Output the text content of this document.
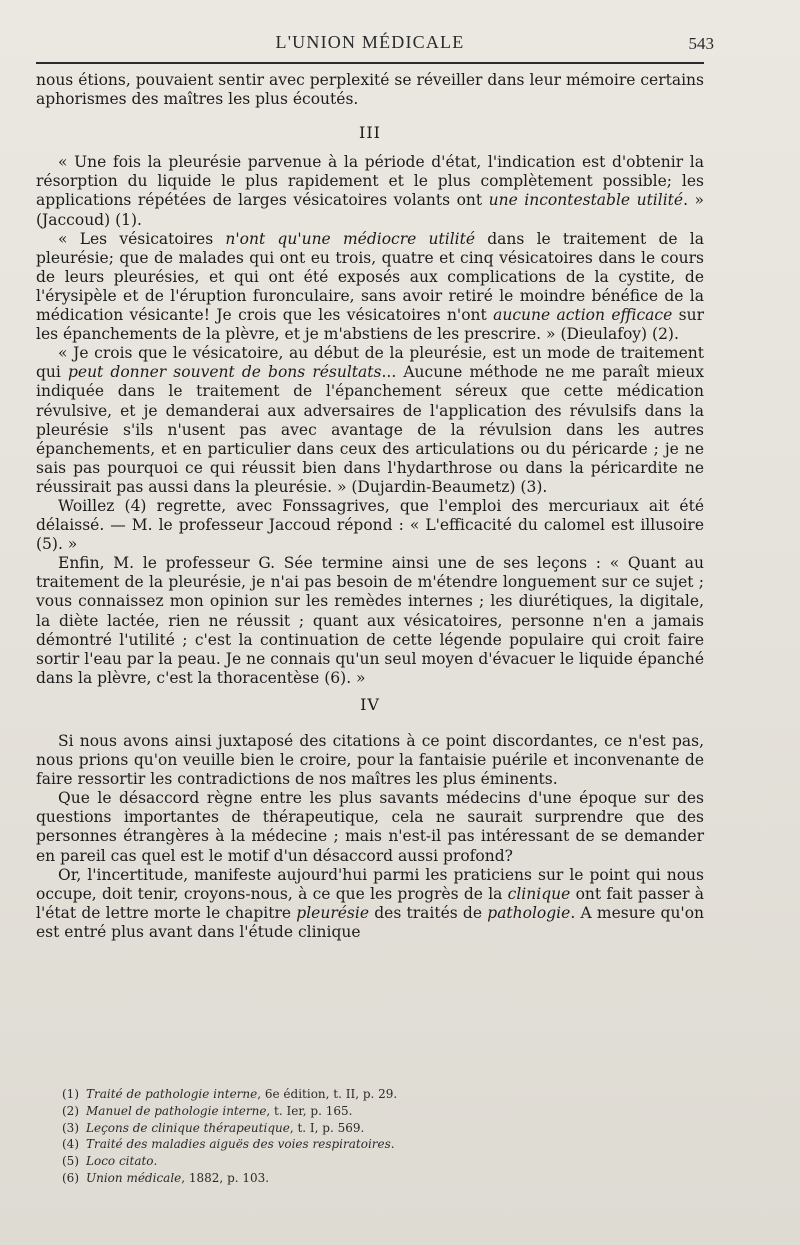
L'UNION MÉDICALE	543

nous étions, pouvaient sentir avec perplexité se réveiller dans leur mémoire certains aphorismes des maîtres les plus écoutés.

III

« Une fois la pleurésie parvenue à la période d'état, l'indication est d'obtenir la résorption du liquide le plus rapidement et le plus complètement possible; les applications répétées de larges vésicatoires volants ont une incontestable utilité. » (Jaccoud) (1).

« Les vésicatoires n'ont qu'une médiocre utilité dans le traitement de la pleurésie; que de malades qui ont eu trois, quatre et cinq vésicatoires dans le cours de leurs pleurésies, et qui ont été exposés aux complications de la cystite, de l'érysipèle et de l'éruption furonculaire, sans avoir retiré le moindre bénéfice de la médication vésicante! Je crois que les vésicatoires n'ont aucune action efficace sur les épanchements de la plèvre, et je m'abstiens de les prescrire. » (Dieulafoy) (2).

« Je crois que le vésicatoire, au début de la pleurésie, est un mode de traitement qui peut donner souvent de bons résultats... Aucune méthode ne me paraît mieux indiquée dans le traitement de l'épanchement séreux que cette médication révulsive, et je demanderai aux adversaires de l'application des révulsifs dans la pleurésie s'ils n'usent pas avec avantage de la révulsion dans les autres épanchements, et en particulier dans ceux des articulations ou du péricarde ; je ne sais pas pourquoi ce qui réussit bien dans l'hydarthrose ou dans la péricardite ne réussirait pas aussi dans la pleurésie. » (Dujardin-Beaumetz) (3).

Woillez (4) regrette, avec Fonssagrives, que l'emploi des mercuriaux ait été délaissé. — M. le professeur Jaccoud répond : « L'efficacité du calomel est illusoire (5). »

Enfin, M. le professeur G. Sée termine ainsi une de ses leçons : « Quant au traitement de la pleurésie, je n'ai pas besoin de m'étendre longuement sur ce sujet ; vous connaissez mon opinion sur les remèdes internes ; les diurétiques, la digitale, la diète lactée, rien ne réussit ; quant aux vésicatoires, personne n'en a jamais démontré l'utilité ; c'est la continuation de cette légende populaire qui croit faire sortir l'eau par la peau. Je ne connais qu'un seul moyen d'évacuer le liquide épanché dans la plèvre, c'est la thoracentèse (6). »

IV

Si nous avons ainsi juxtaposé des citations à ce point discordantes, ce n'est pas, nous prions qu'on veuille bien le croire, pour la fantaisie puérile et inconvenante de faire ressortir les contradictions de nos maîtres les plus éminents.

Que le désaccord règne entre les plus savants médecins d'une époque sur des questions importantes de thérapeutique, cela ne saurait surprendre que des personnes étrangères à la médecine ; mais n'est-il pas intéressant de se demander en pareil cas quel est le motif d'un désaccord aussi profond?

Or, l'incertitude, manifeste aujourd'hui parmi les praticiens sur le point qui nous occupe, doit tenir, croyons-nous, à ce que les progrès de la clinique ont fait passer à l'état de lettre morte le chapitre pleurésie des traités de pathologie. A mesure qu'on est entré plus avant dans l'étude clinique

(1) Traité de pathologie interne, 6e édition, t. II, p. 29.
(2) Manuel de pathologie interne, t. Ier, p. 165.
(3) Leçons de clinique thérapeutique, t. I, p. 569.
(4) Traité des maladies aiguës des voies respiratoires.
(5) Loco citato.
(6) Union médicale, 1882, p. 103.
